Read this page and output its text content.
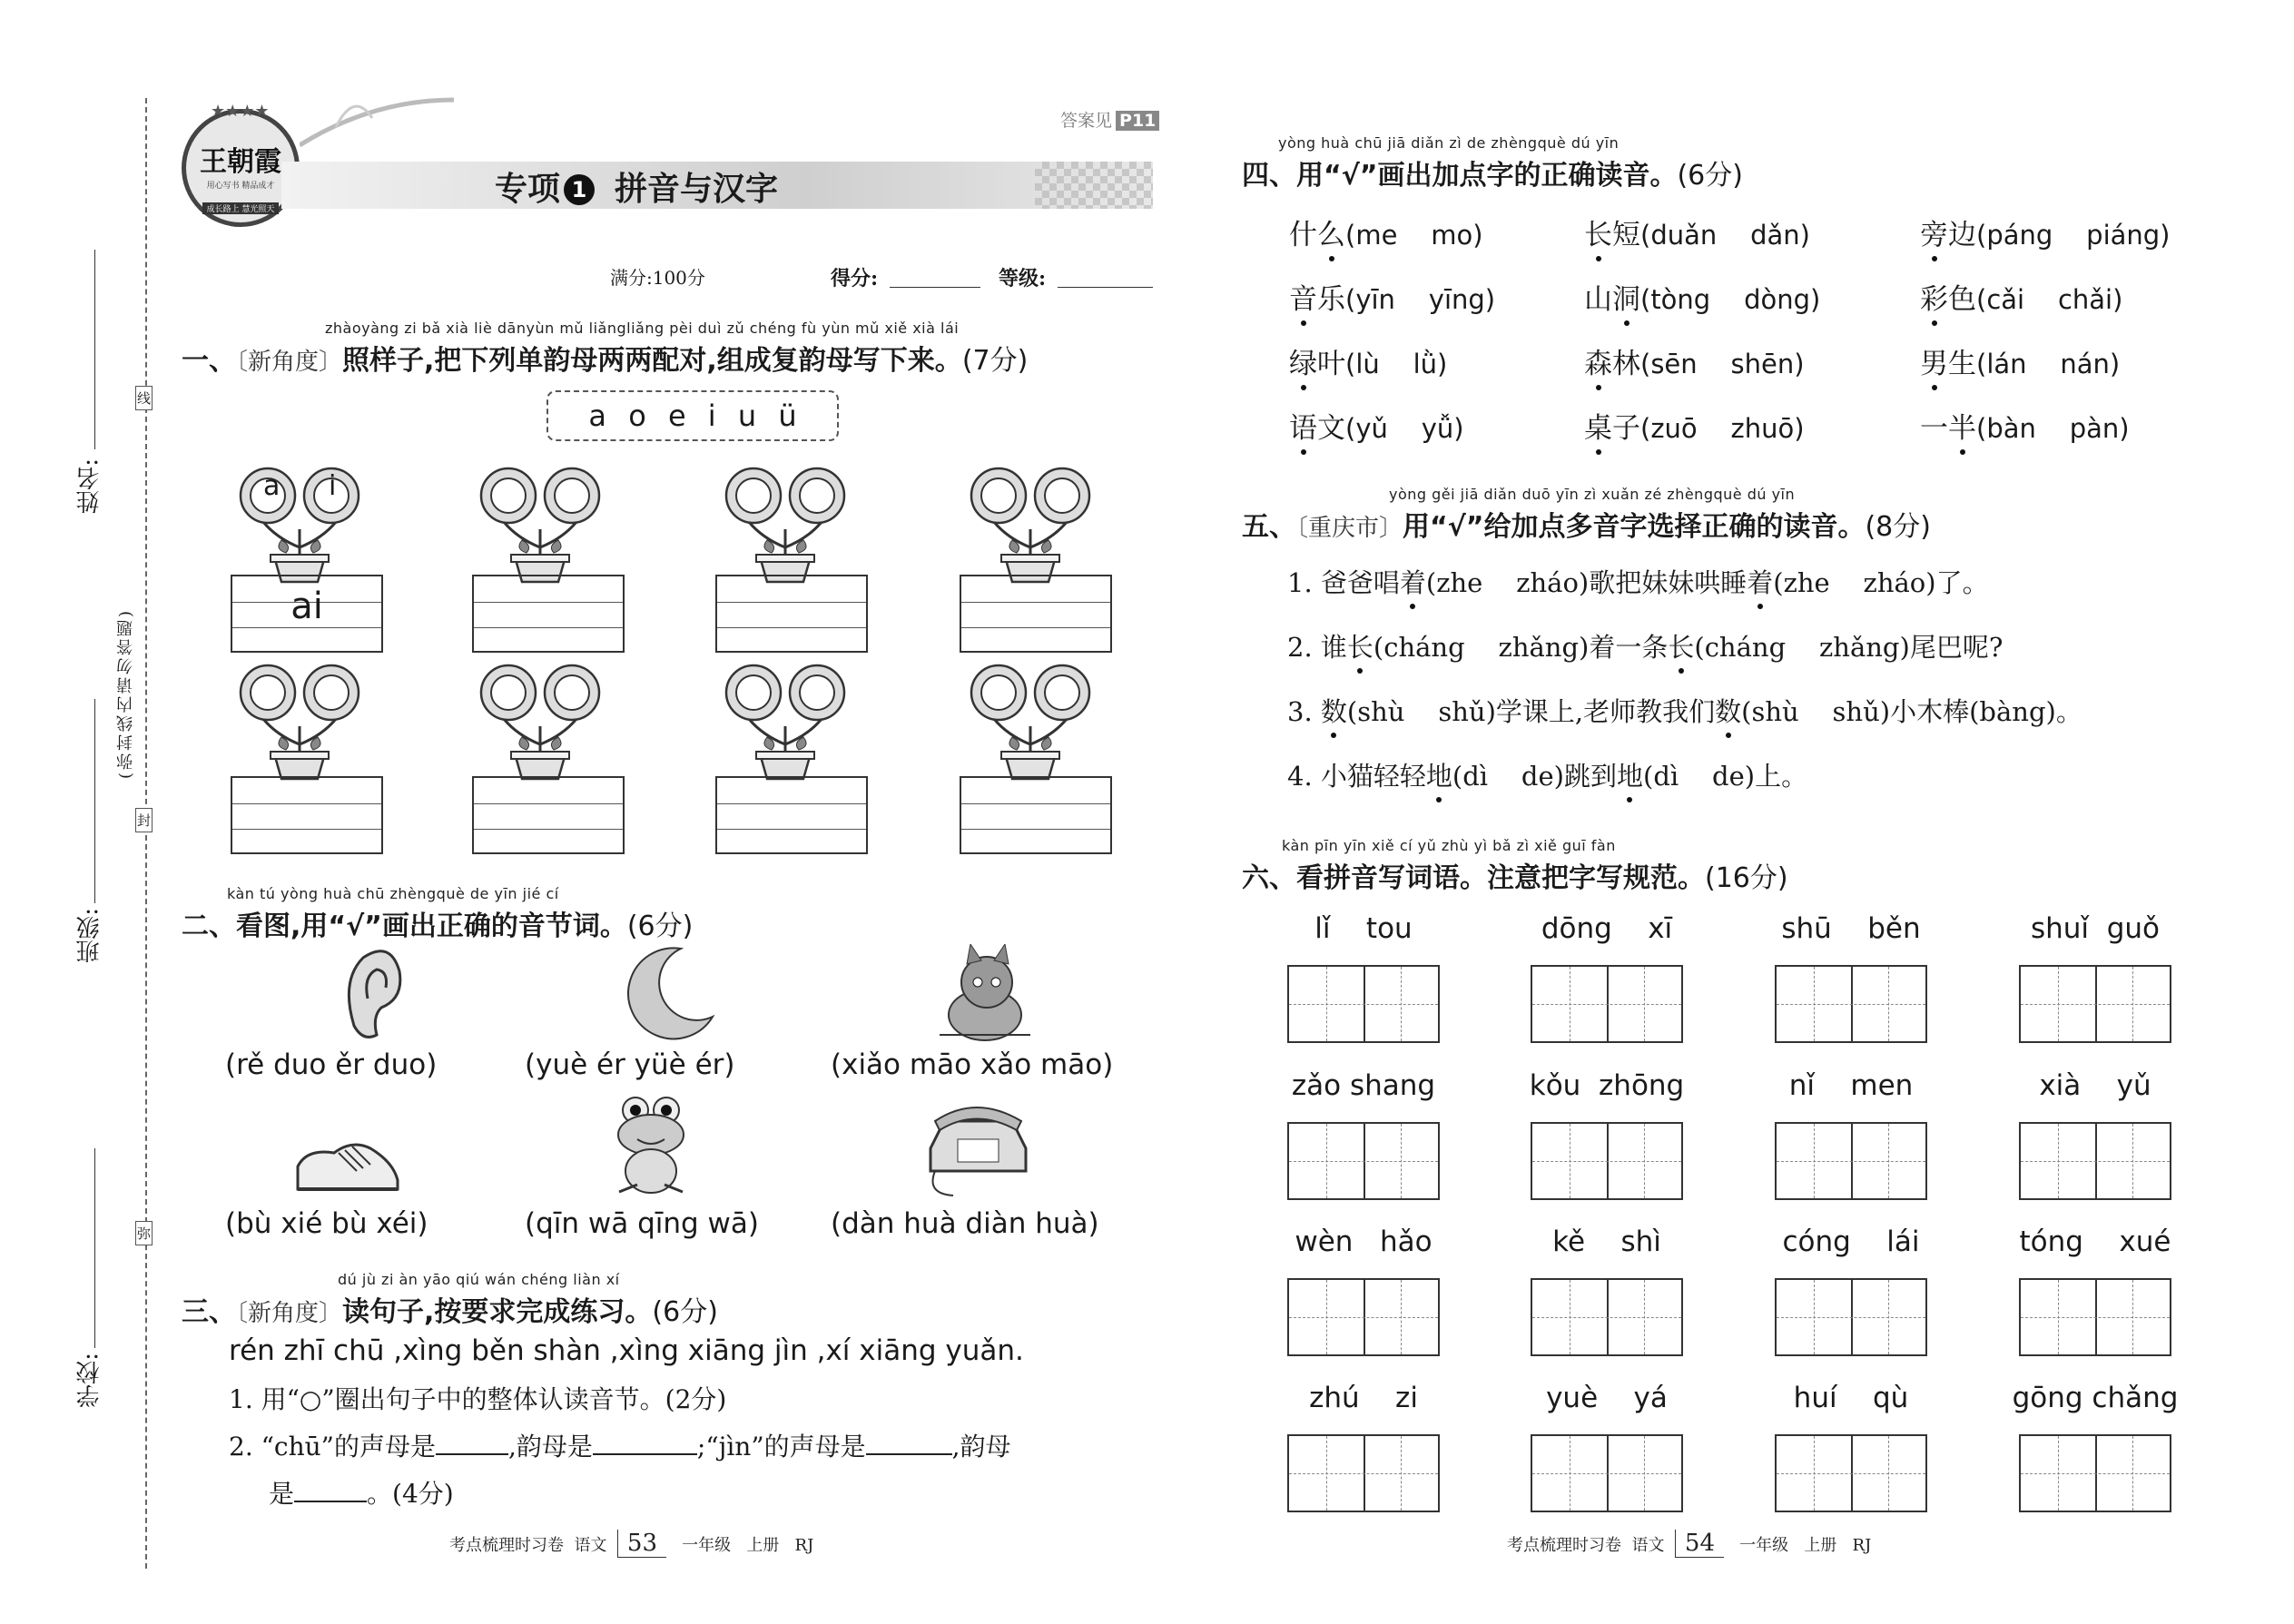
姓名:
班级:
学校:
(弥封线内请勿答题)
线
封
弥
王朝霞
用心写书 精品成才
成长路上 慧光照天
★★★★	答案见 P11
专项 1 拼音与汉字
满分:100分	得分:	等级:
zhàoyàng zi bǎ xià liè dānyùn mǔ liǎngliǎng pèi duì zǔ chéng fù yùn mǔ xiě xià lái
一、〔新角度〕照样子,把下列单韵母两两配对,组成复韵母写下来。(7分)
a o e i u ü
a i
ai
kàn tú yòng huà chū zhèngquè de yīn jié cí
二、看图,用“√”画出正确的音节词。(6分)
(rě duo ěr duo)	(yuè ér yüè ér)	(xiǎo māo xǎo māo)
(bù xié bù xéi)	(qīn wā qīng wā)	(dàn huà diàn huà)
dú jù zi àn yāo qiú wán chéng liàn xí
三、〔新角度〕读句子,按要求完成练习。(6分)
rén zhī chū ,xìng běn shàn ,xìng xiāng jìn ,xí xiāng yuǎn.
1. 用“○”圈出句子中的整体认读音节。(2分)
2. “chū”的声母是	,韵母是	;“jìn”的声母是	,韵母
是	。(4分)
考点梳理时习卷 语文 53 一年级 上册 RJ
yòng huà chū jiā diǎn zì de zhèngquè dú yīn
四、用“√”画出加点字的正确读音。(6分)
什么(me    mo)	长短(duǎn    dǎn)	旁边(páng    piáng)
音乐(yīn    yīng)	山洞(tòng    dòng)	彩色(cǎi    chǎi)
绿叶(lù    lǜ)	森林(sēn    shēn)	男生(lán    nán)
语文(yǔ    yǚ)	桌子(zuō    zhuō)	一半(bàn    pàn)
yòng gěi jiā diǎn duō yīn zì xuǎn zé zhèngquè dú yīn
五、〔重庆市〕用“√”给加点多音字选择正确的读音。(8分)
1. 爸爸唱着(zhe    zháo)歌把妹妹哄睡着(zhe    zháo)了。
2. 谁长(cháng    zhǎng)着一条长(cháng    zhǎng)尾巴呢?
3. 数(shù    shǔ)学课上,老师教我们数(shù    shǔ)小木棒(bàng)。
4. 小猫轻轻地(dì    de)跳到地(dì    de)上。
kàn pīn yīn xiě cí yǔ zhù yì bǎ zì xiě guī fàn
六、看拼音写词语。注意把字写规范。(16分)
lǐ    tou	dōng    xī	shū    běn	shuǐ  guǒ
zǎo shang	kǒu  zhōng	nǐ    men	xià    yǔ
wèn   hǎo	kě    shì	cóng    lái	tóng    xué
zhú    zi	yuè    yá	huí    qù	gōng chǎng
考点梳理时习卷 语文 54 一年级 上册 RJ
